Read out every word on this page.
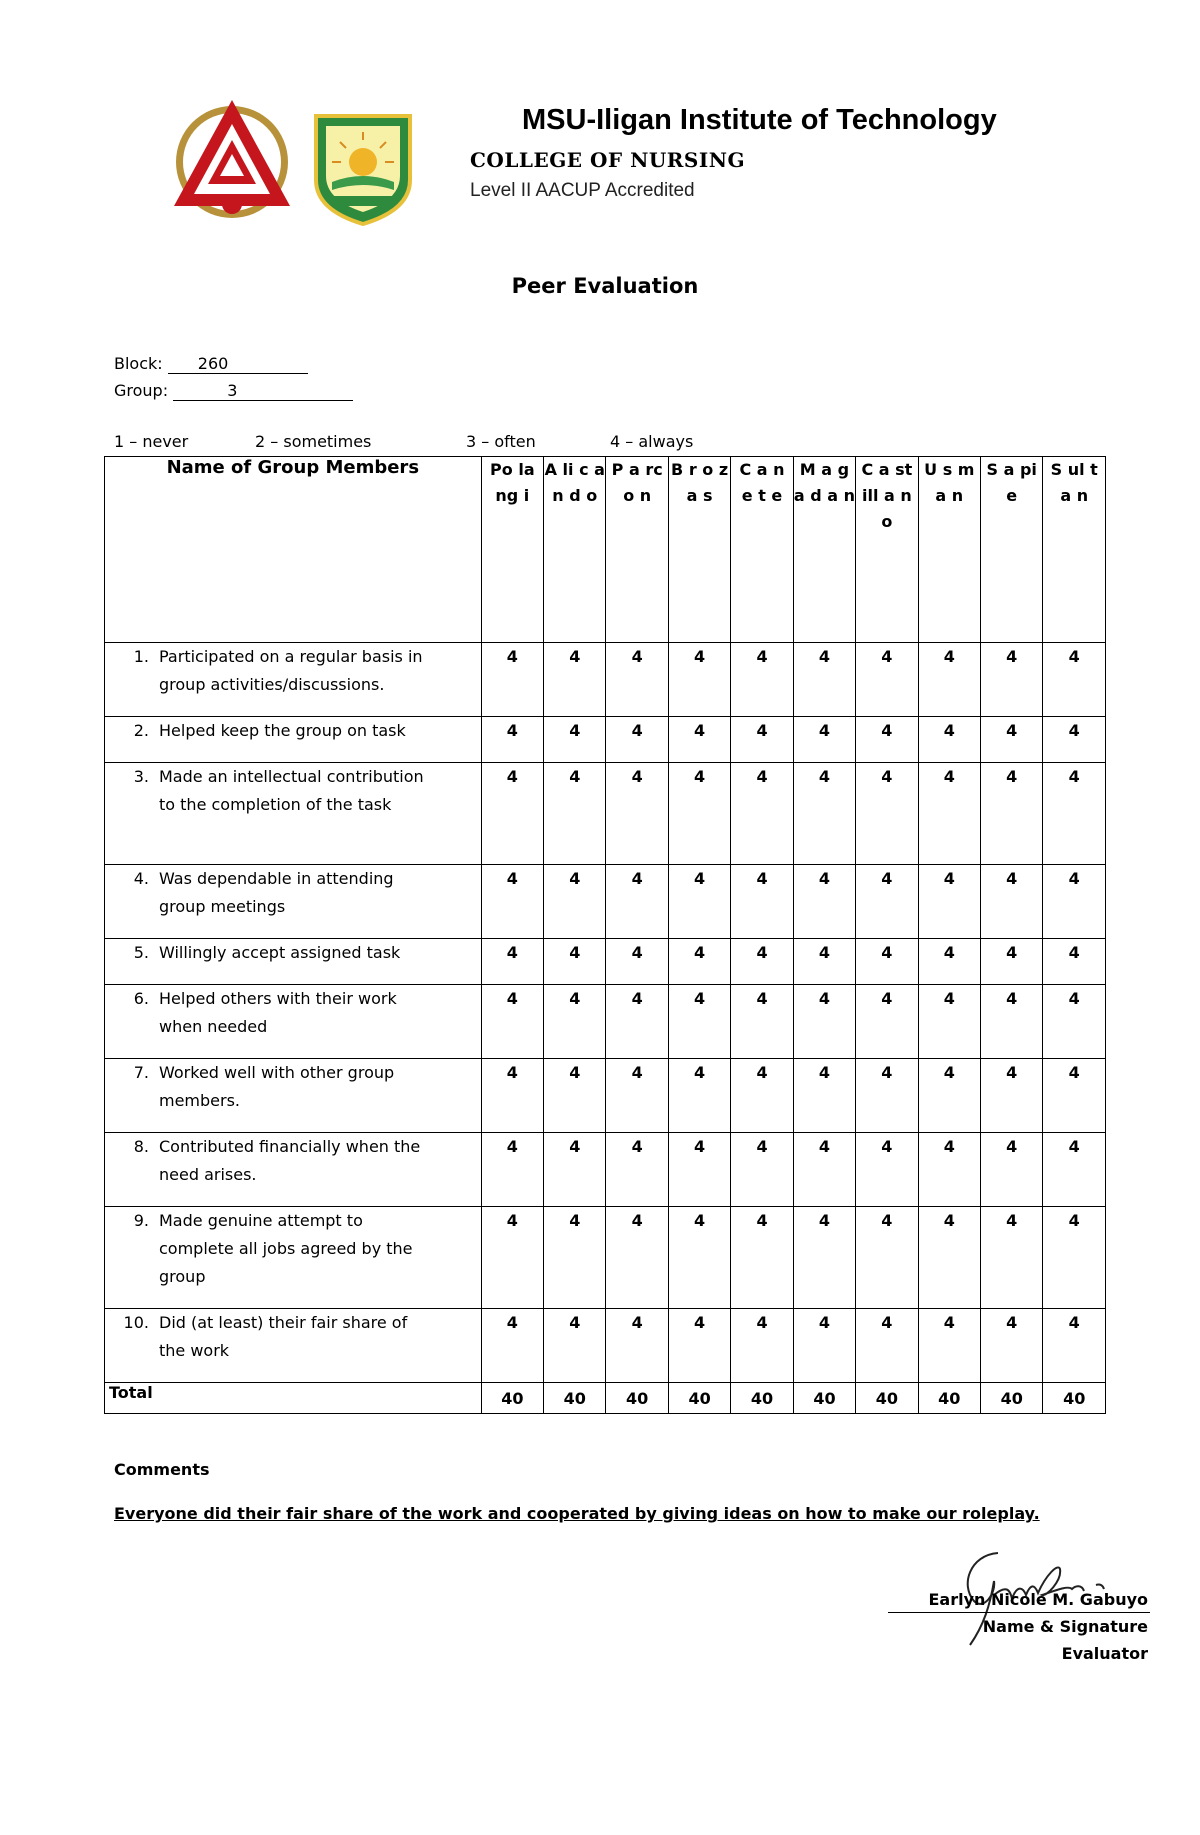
MSU-Iligan Institute of Technology
COLLEGE OF NURSING
Level II AACUP Accredited
Peer Evaluation
Block: 260
Group:	3
1 – never	2 – sometimes	3 – often	4 – always
Name of Group Members	Po la ng i	A li c a n d o	P a rc o n	B r o z a s	C a n e t e	M a g a d a n	C a st ill a n o	U s m a n	S a pi e	S ul t a n

1. Participated on a regular basis in group activities/discussions.	4	4	4	4	4	4	4	4	4	4
2. Helped keep the group on task	4	4	4	4	4	4	4	4	4	4
3. Made an intellectual contribution to the completion of the task	4	4	4	4	4	4	4	4	4	4
4. Was dependable in attending group meetings	4	4	4	4	4	4	4	4	4	4
5. Willingly accept assigned task	4	4	4	4	4	4	4	4	4	4
6. Helped others with their work when needed	4	4	4	4	4	4	4	4	4	4
7. Worked well with other group members.	4	4	4	4	4	4	4	4	4	4
8. Contributed financially when the need arises.	4	4	4	4	4	4	4	4	4	4
9. Made genuine attempt to complete all jobs agreed by the group	4	4	4	4	4	4	4	4	4	4
10. Did (at least) their fair share of the work	4	4	4	4	4	4	4	4	4	4
Total	40	40	40	40	40	40	40	40	40	40
Comments
Everyone did their fair share of the work and cooperated by giving ideas on how to make our roleplay.
Earlyn Nicole M. Gabuyo
Name & Signature
Evaluator
